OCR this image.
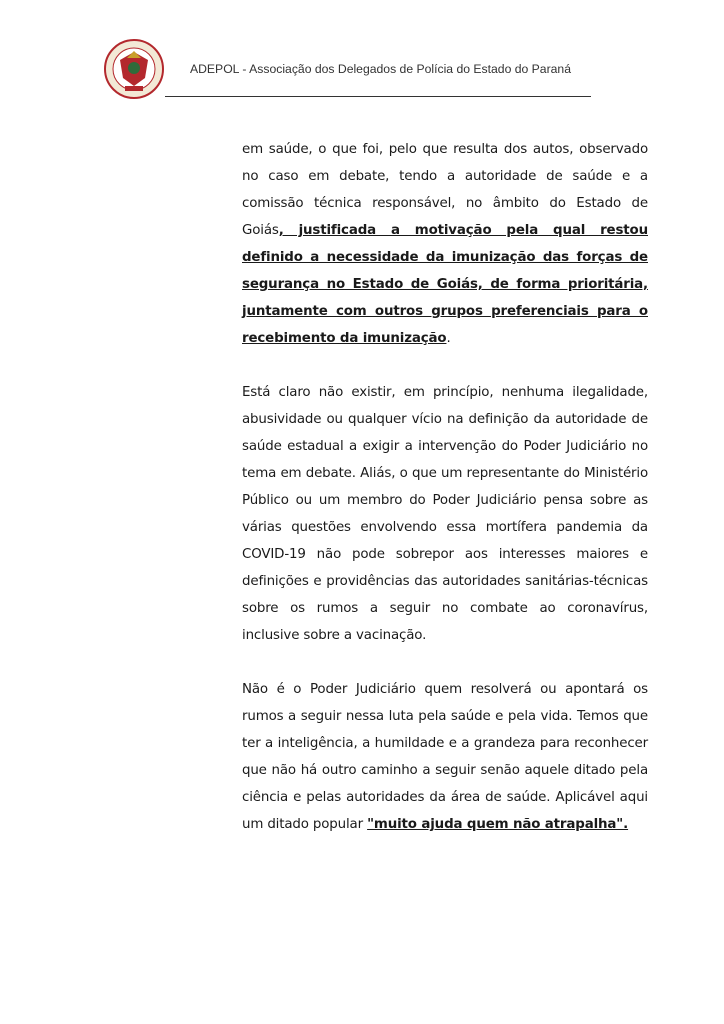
ADEPOL - Associação dos Delegados de Polícia do Estado do Paraná

em saúde, o que foi, pelo que resulta dos autos, observado no caso em debate, tendo a autoridade de saúde e a comissão técnica responsável, no âmbito do Estado de Goiás, justificada a motivação pela qual restou definido a necessidade da imunização das forças de segurança no Estado de Goiás, de forma prioritária, juntamente com outros grupos preferenciais para o recebimento da imunização.

Está claro não existir, em princípio, nenhuma ilegalidade, abusividade ou qualquer vício na definição da autoridade de saúde estadual a exigir a intervenção do Poder Judiciário no tema em debate. Aliás, o que um representante do Ministério Público ou um membro do Poder Judiciário pensa sobre as várias questões envolvendo essa mortífera pandemia da COVID-19 não pode sobrepor aos interesses maiores e definições e providências das autoridades sanitárias-técnicas sobre os rumos a seguir no combate ao coronavírus, inclusive sobre a vacinação.

Não é o Poder Judiciário quem resolverá ou apontará os rumos a seguir nessa luta pela saúde e pela vida. Temos que ter a inteligência, a humildade e a grandeza para reconhecer que não há outro caminho a seguir senão aquele ditado pela ciência e pelas autoridades da área de saúde. Aplicável aqui um ditado popular "muito ajuda quem não atrapalha".
